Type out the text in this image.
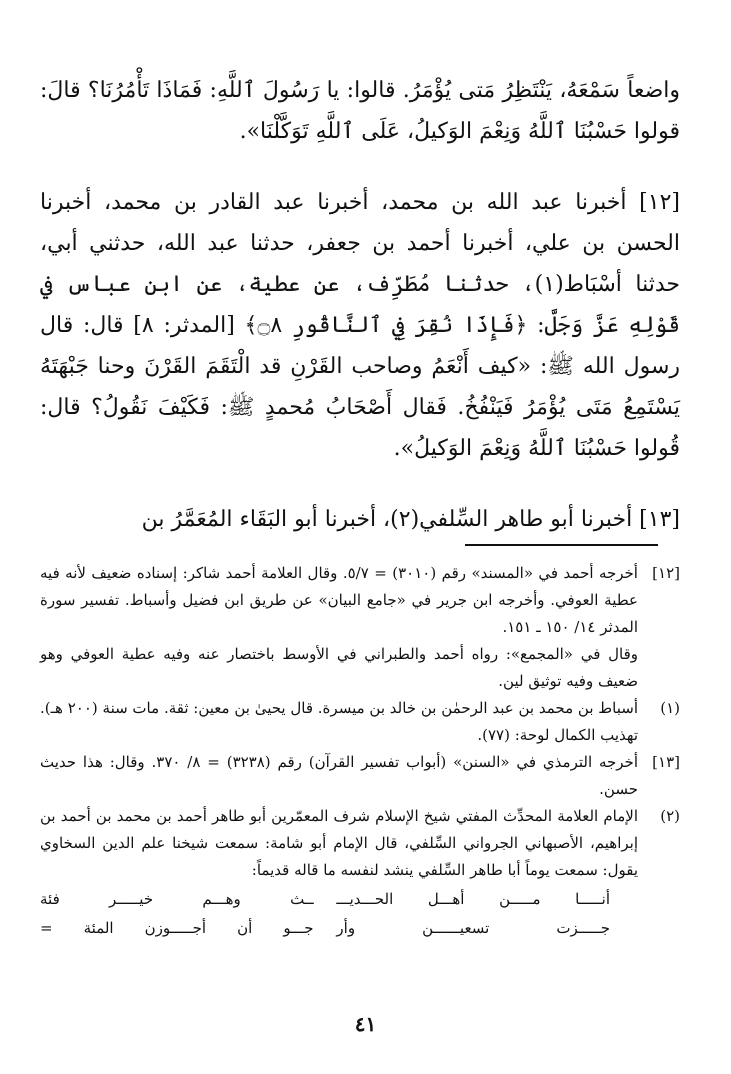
واضعاً سَمْعَهُ، يَنْتَظِرُ مَتى يُؤْمَرُ. قالوا: يا رَسُولَ ٱللَّهِ: فَمَاذَا تَأْمُرُنَا؟ قالَ: قولوا حَسْبُنَا ٱللَّهُ وَنِعْمَ الوَكيلُ، عَلَى ٱللَّهِ تَوَكَّلْنَا».

[١٢] أخبرنا عبد الله بن محمد، أخبرنا عبد القادر بن محمد، أخبرنا الحسن بن علي، أخبرنا أحمد بن جعفر، حدثنا عبد الله، حدثني أبي، حدثنا أسْبَاط(١)، حدثنا مُطَرِّف، عن عطية، عن ابن عباس في قَوْلِهِ عَزَّ وَجَلَّ: ﴿فَإِذَا نُقِرَ فِي ٱلنَّاقُورِ ۝٨﴾ [المدثر: ٨] قال: قال رسول الله ﷺ: «كيف أَنْعَمُ وصاحب القَرْنِ قد الْتَقَمَ القَرْنَ وحنا جَبْهَتَهُ يَسْتَمِعُ مَتَى يُؤْمَرُ فَيَنْفُخُ. فَقال أَصْحَابُ مُحمدٍ ﷺ: فَكَيْفَ نَقُولُ؟ قال: قُولوا حَسْبُنَا ٱللَّهُ وَنِعْمَ الوَكيلُ».

[١٣] أخبرنا أبو طاهر السِّلفي(٢)، أخبرنا أبو البَقَاء المُعَمَّرُ بن

[١٢]

أخرجه أحمد في «المسند» رقم (٣٠١٠) = ٥/٧. وقال العلامة أحمد شاكر: إسناده ضعيف لأنه فيه عطية العوفي. وأخرجه ابن جرير في «جامع البيان» عن طريق ابن فضيل وأسباط. تفسير سورة المدثر ١٤/ ١٥٠ ـ ١٥١.

وقال في «المجمع»: رواه أحمد والطبراني في الأوسط باختصار عنه وفيه عطية العوفي وهو ضعيف وفيه توثيق لين.

(١)

أسباط بن محمد بن عبد الرحمٰن بن خالد بن ميسرة. قال يحيىٰ بن معين: ثقة. مات سنة (٢٠٠ هـ). تهذيب الكمال لوحة: (٧٧).

[١٣]

أخرجه الترمذي في «السنن» (أبواب تفسير القرآن) رقم (٣٢٣٨) = ٨/ ٣٧٠. وقال: هذا حديث حسن.

(٢)

الإمام العلامة المحدِّث المفتي شيخ الإسلام شرف المعمّرين أبو طاهر أحمد بن محمد بن أحمد بن إبراهيم، الأصبهاني الجرواني السِّلفي، قال الإمام أبو شامة: سمعت شيخنا علم الدين السخاوي يقول: سمعت يوماً أبا طاهر السِّلفي ينشد لنفسه ما قاله قديماً:

أنـــــا مـــــن أهـــل الحـــديـــ
ــث وهـــم خيـــــر فئة
جـــــزت تسعيــــــن وأر
جـــو أن أجـــــوزن المئة =
٤١
